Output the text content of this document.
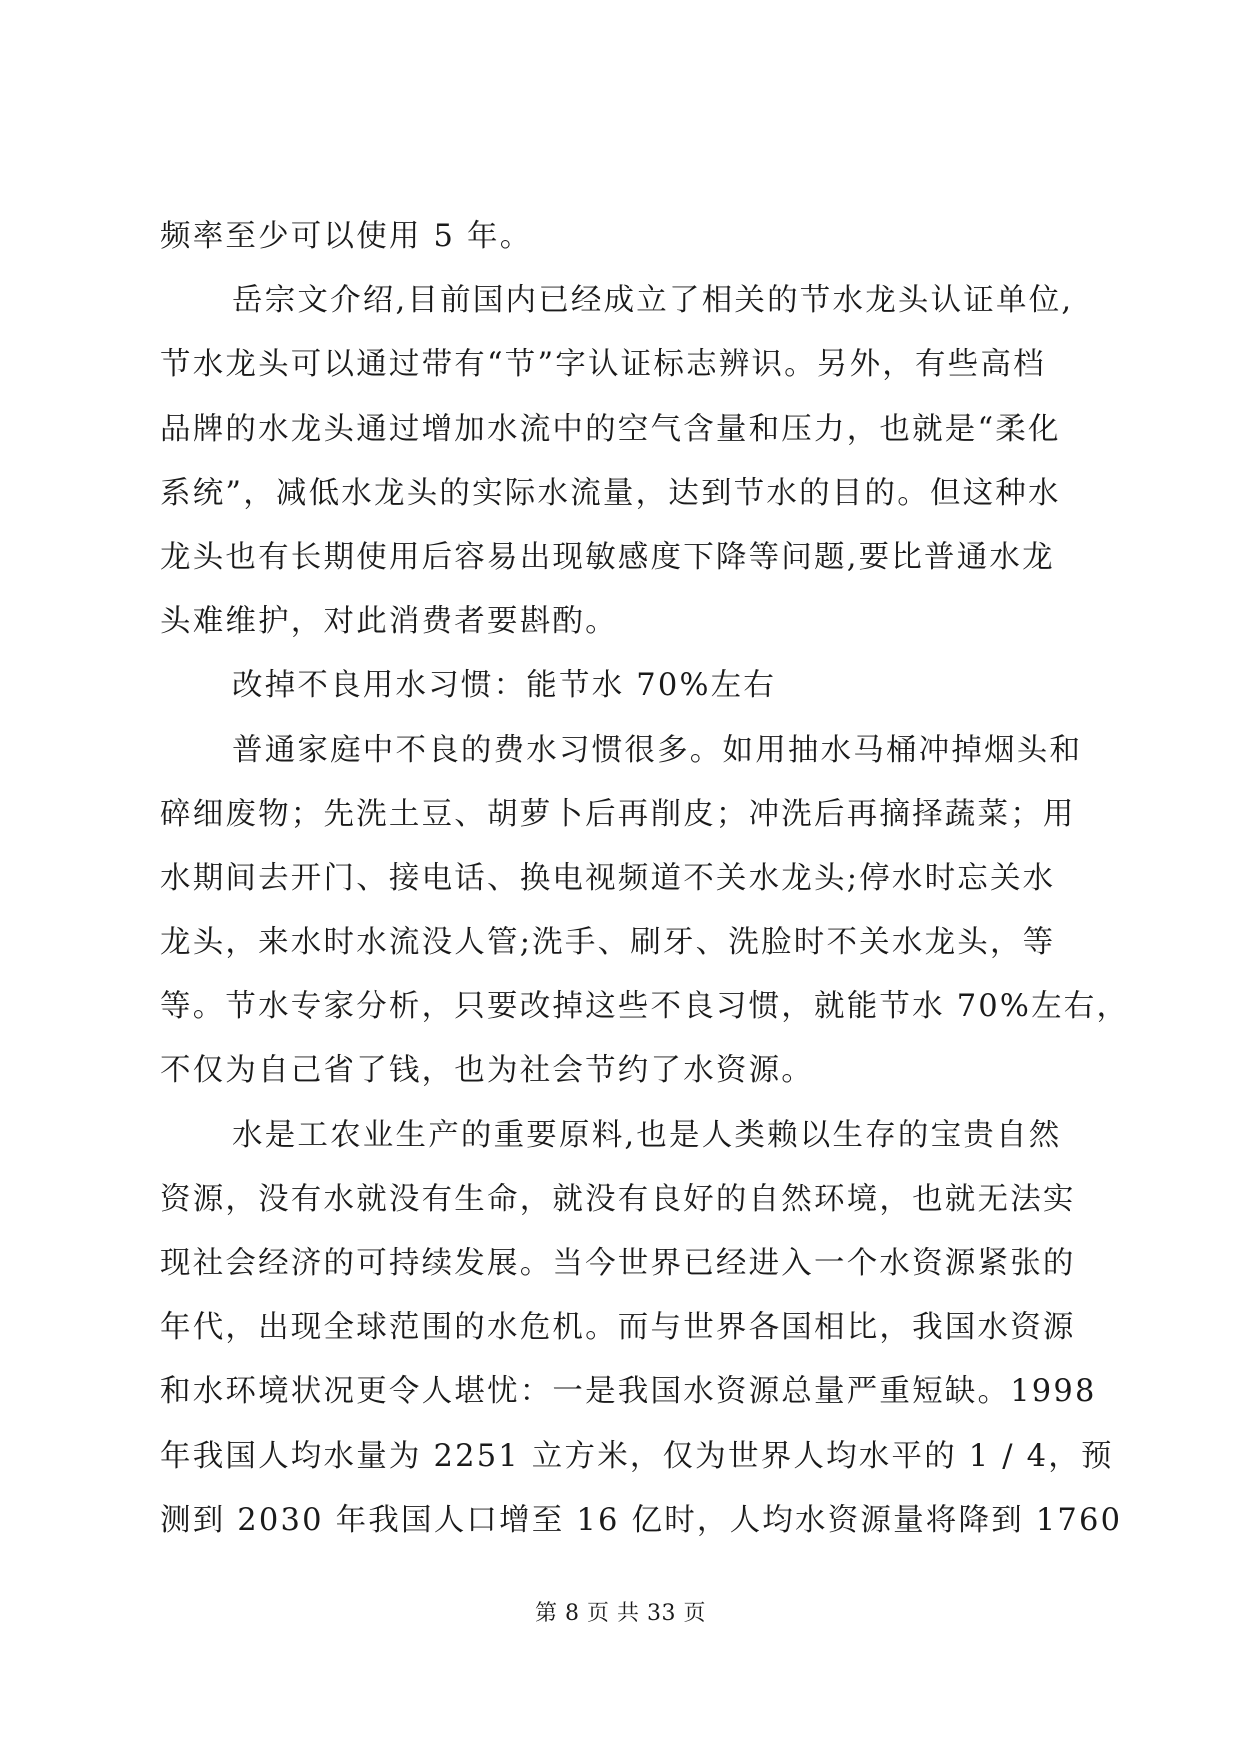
频率至少可以使用 5 年。
岳宗文介绍,目前国内已经成立了相关的节水龙头认证单位,
节水龙头可以通过带有“节”字认证标志辨识。另外，有些高档
品牌的水龙头通过增加水流中的空气含量和压力，也就是“柔化
系统”，减低水龙头的实际水流量，达到节水的目的。但这种水
龙头也有长期使用后容易出现敏感度下降等问题,要比普通水龙
头难维护，对此消费者要斟酌。
改掉不良用水习惯：能节水 70%左右
普通家庭中不良的费水习惯很多。如用抽水马桶冲掉烟头和
碎细废物；先洗土豆、胡萝卜后再削皮；冲洗后再摘择蔬菜；用
水期间去开门、接电话、换电视频道不关水龙头;停水时忘关水
龙头，来水时水流没人管;洗手、刷牙、洗脸时不关水龙头，等
等。节水专家分析，只要改掉这些不良习惯，就能节水 70%左右，
不仅为自己省了钱，也为社会节约了水资源。
水是工农业生产的重要原料,也是人类赖以生存的宝贵自然
资源，没有水就没有生命，就没有良好的自然环境，也就无法实
现社会经济的可持续发展。当今世界已经进入一个水资源紧张的
年代，出现全球范围的水危机。而与世界各国相比，我国水资源
和水环境状况更令人堪忧：一是我国水资源总量严重短缺。1998
年我国人均水量为 2251 立方米，仅为世界人均水平的 1 / 4，预
测到 2030 年我国人口增至 16 亿时，人均水资源量将降到 1760
第 8 页 共 33 页
